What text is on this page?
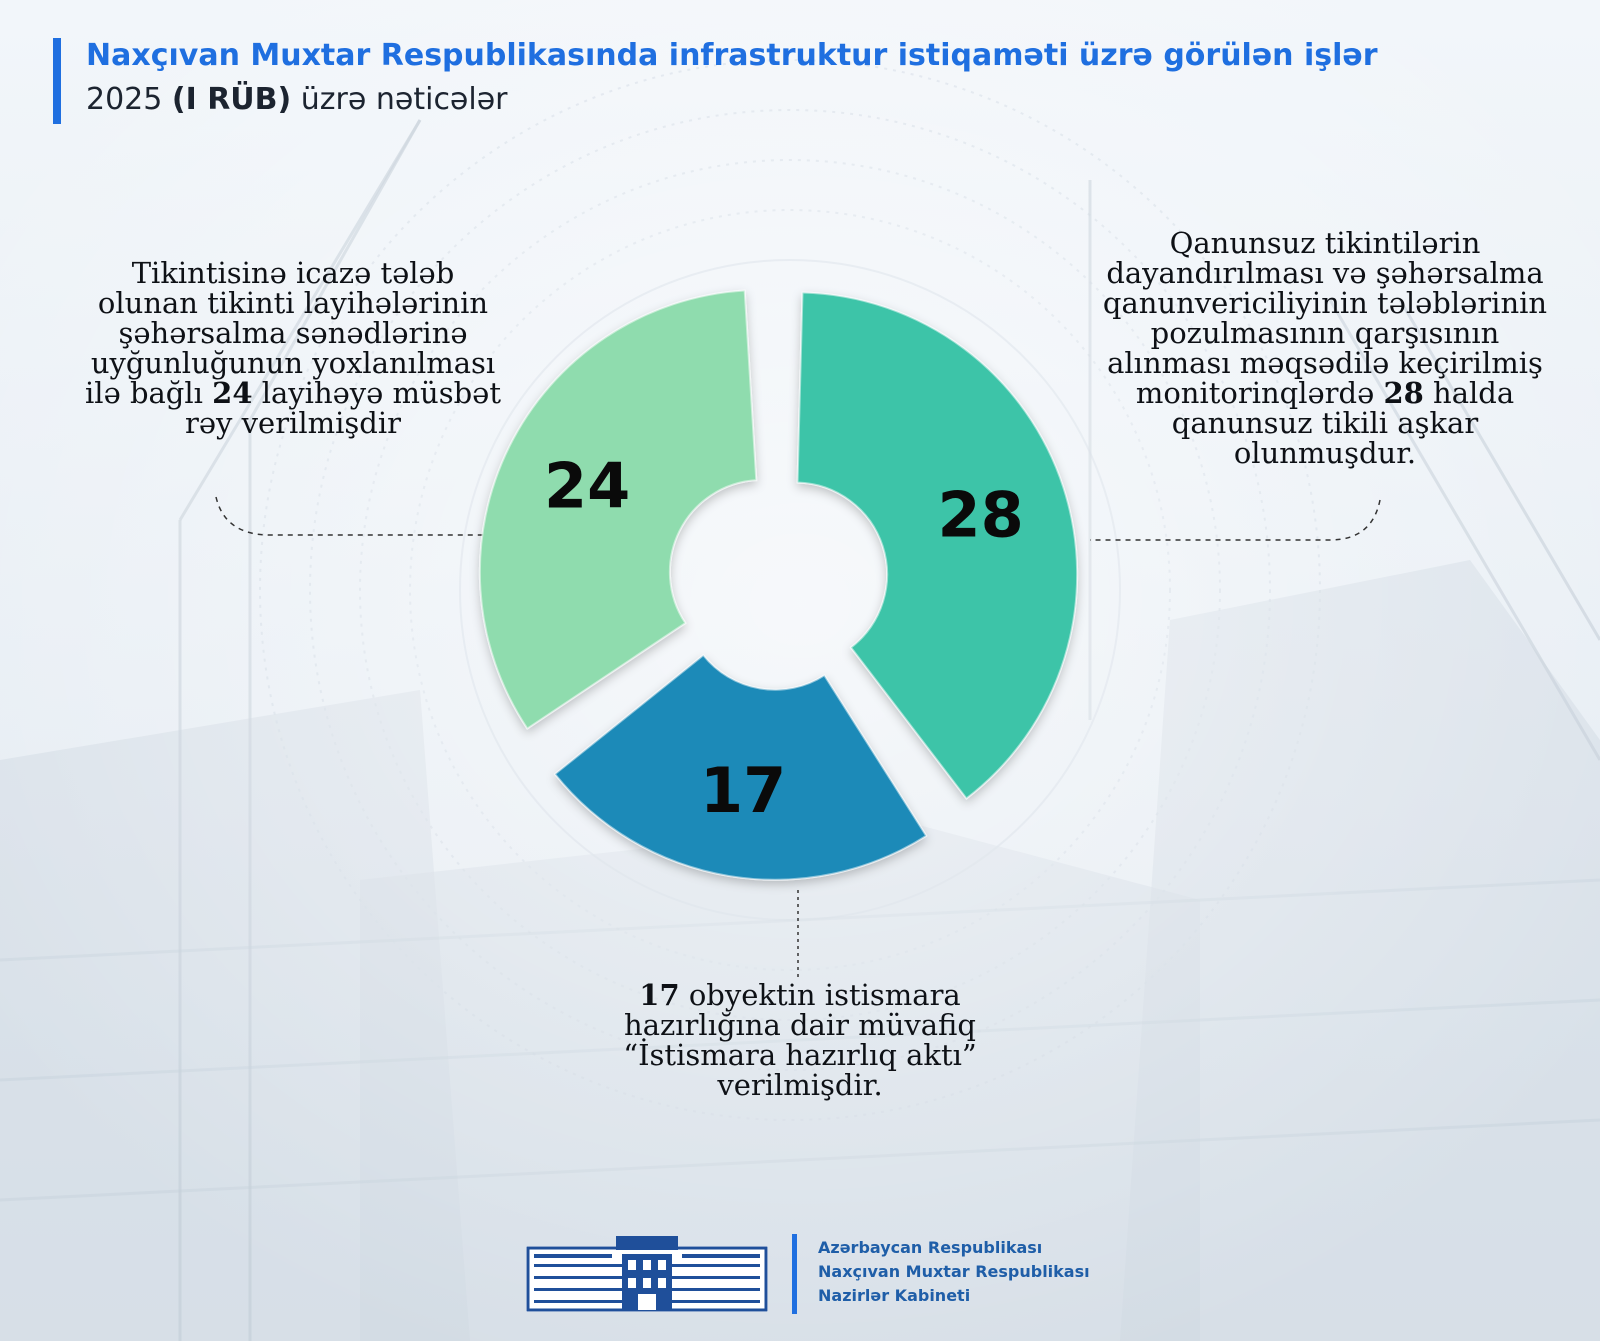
Naxçıvan Muxtar Respublikasında infrastruktur istiqaməti üzrə görülən işlər
2025 (I RÜB) üzrə nəticələr
Tikintisinə icazə tələb olunan tikinti layihələrinin şəhərsalma sənədlərinə uyğunluğunun yoxlanılması ilə bağlı 24 layihəyə müsbət rəy verilmişdir
Qanunsuz tikintilərin dayandırılması və şəhərsalma qanunvericiliyinin tələblərinin pozulmasının qarşısının alınması məqsədilə keçirilmiş monitorinqlərdə 28 halda qanunsuz tikili aşkar olunmuşdur.
17 obyektin istismara hazırlığına dair müvafiq “İstismara hazırlıq aktı” verilmişdir.
28
17
24
Azərbaycan Respublikası
Naxçıvan Muxtar Respublikası
Nazirlər Kabineti
